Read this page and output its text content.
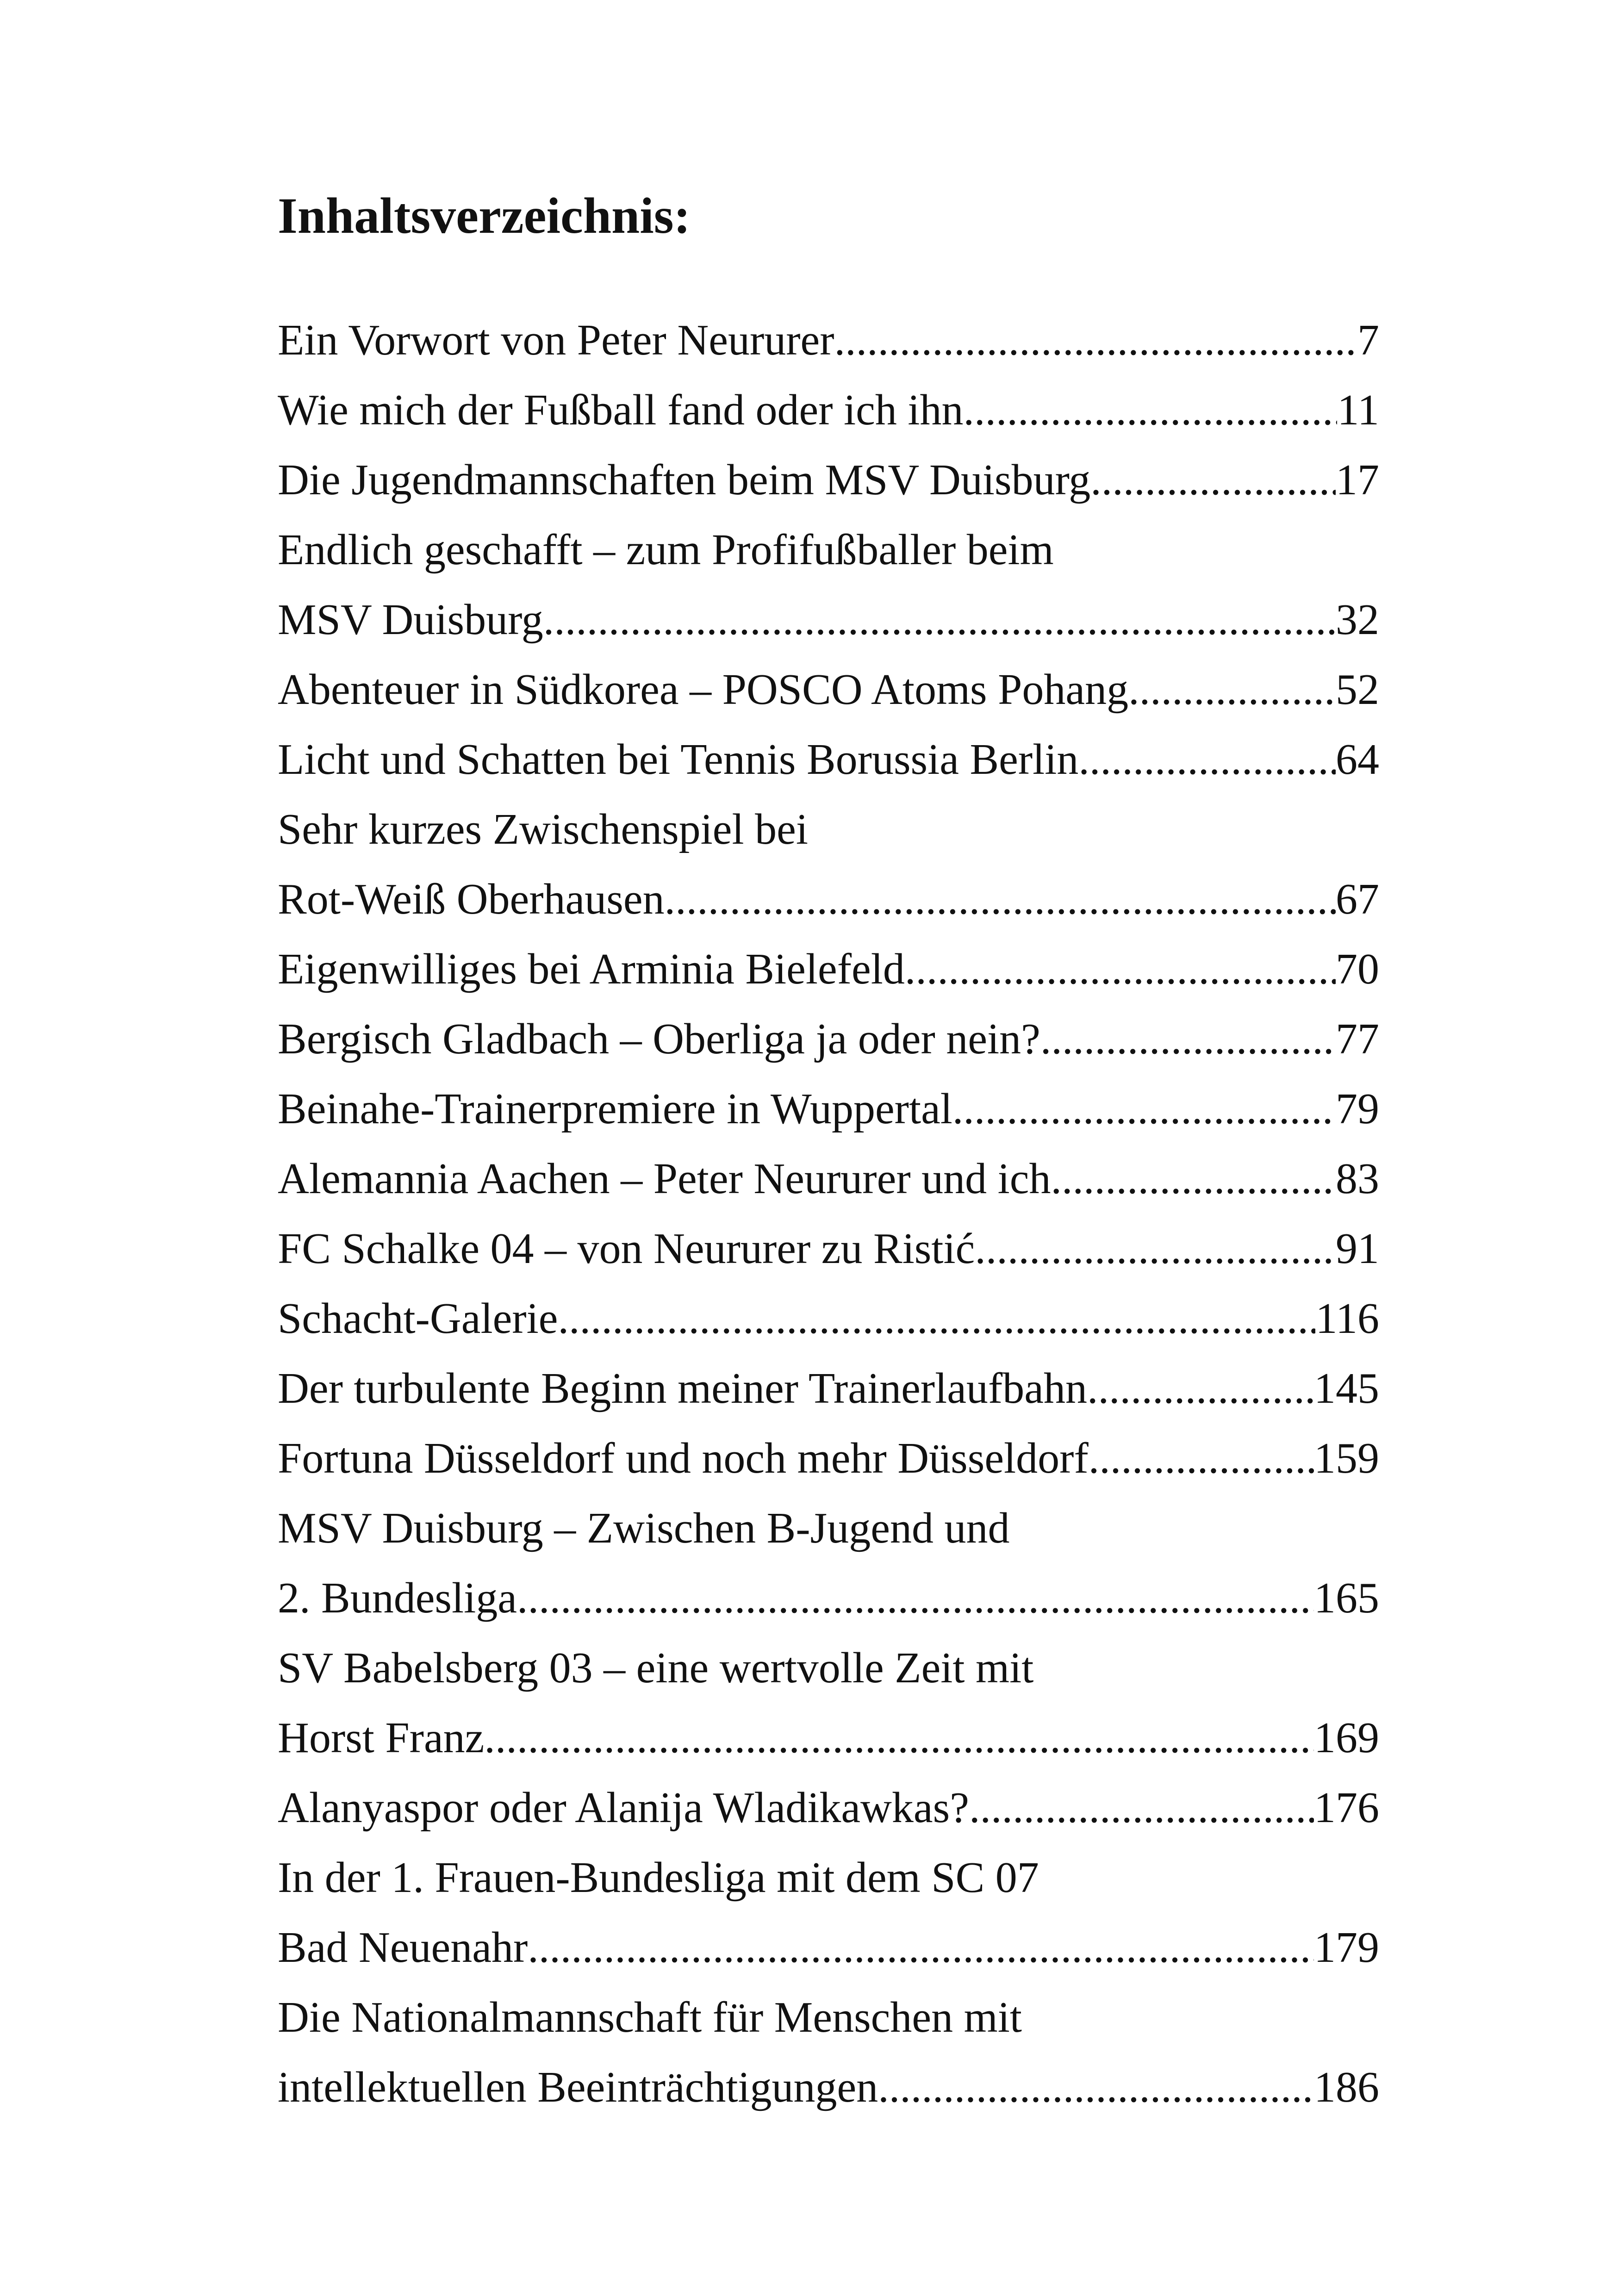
Inhaltsverzeichnis:
Ein Vorwort von Peter Neururer .....	7
Wie mich der Fußball fand oder ich ihn .....	11
Die Jugendmannschaften beim MSV Duisburg .....	17
Endlich geschafft – zum Profifußballer beim
MSV Duisburg .....	32
Abenteuer in Südkorea – POSCO Atoms Pohang .....	52
Licht und Schatten bei Tennis Borussia Berlin .....	64
Sehr kurzes Zwischenspiel bei
Rot-Weiß Oberhausen .....	67
Eigenwilliges bei Arminia Bielefeld .....	70
Bergisch Gladbach – Oberliga ja oder nein? .....	77
Beinahe-Trainerpremiere in Wuppertal .....	79
Alemannia Aachen – Peter Neururer und ich .....	83
FC Schalke 04 – von Neururer zu Ristić .....	91
Schacht-Galerie .....	116
Der turbulente Beginn meiner Trainerlaufbahn .....	145
Fortuna Düsseldorf und noch mehr Düsseldorf .....	159
MSV Duisburg – Zwischen B-Jugend und
2. Bundesliga .....	165
SV Babelsberg 03 – eine wertvolle Zeit mit
Horst Franz .....	169
Alanyaspor oder Alanija Wladikawkas? .....	176
In der 1. Frauen-Bundesliga mit dem SC 07
Bad Neuenahr .....	179
Die Nationalmannschaft für Menschen mit
intellektuellen Beeinträchtigungen .....	186
